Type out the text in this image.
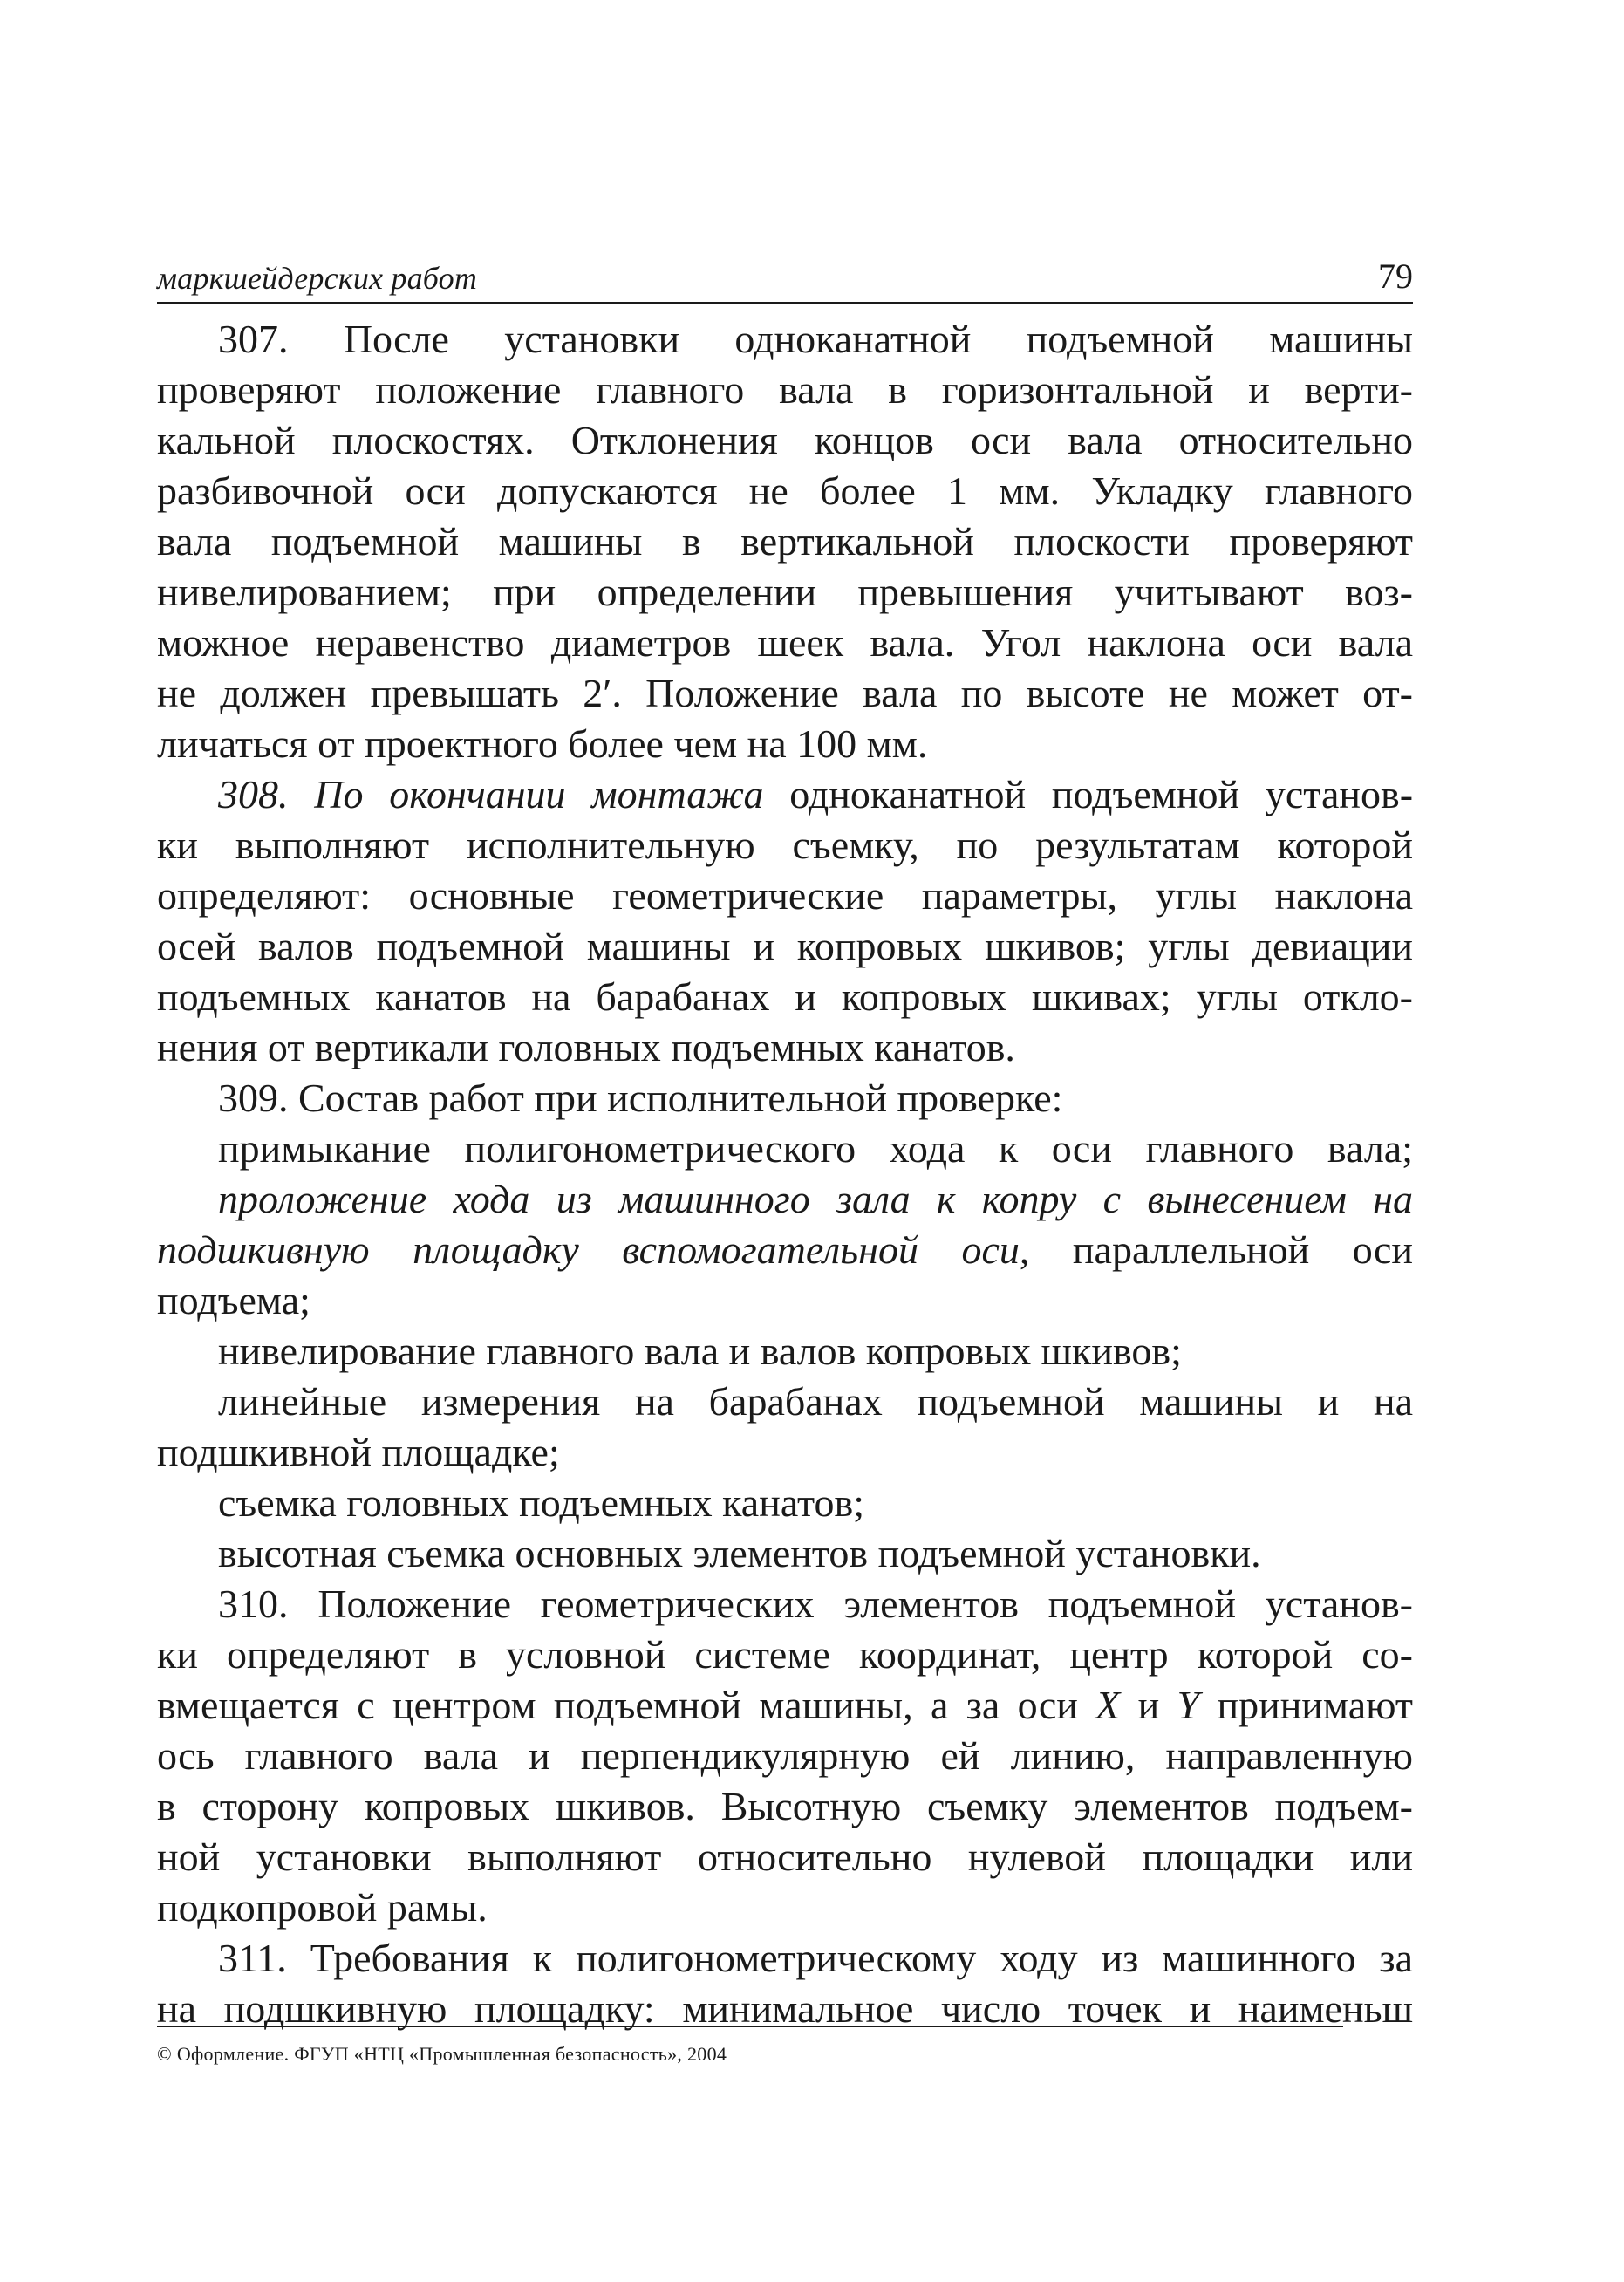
маркшейдерских работ	79
307. После установки одноканатной подъемной машины
проверяют положение главного вала в горизонтальной и верти-
кальной плоскостях. Отклонения концов оси вала относительно
разбивочной оси допускаются не более 1 мм. Укладку главного
вала подъемной машины в вертикальной плоскости проверяют
нивелированием; при определении превышения учитывают воз-
можное неравенство диаметров шеек вала. Угол наклона оси вала
не должен превышать 2′. Положение вала по высоте не может от-
личаться от проектного более чем на 100 мм.
308. По окончании монтажа одноканатной подъемной установ-
ки выполняют исполнительную съемку, по результатам которой
определяют: основные геометрические параметры, углы наклона
осей валов подъемной машины и копровых шкивов; углы девиации
подъемных канатов на барабанах и копровых шкивах; углы откло-
нения от вертикали головных подъемных канатов.
309. Состав работ при исполнительной проверке:
примыкание полигонометрического хода к оси главного вала;
проложение хода из машинного зала к копру с вынесением на
подшкивную площадку вспомогательной оси, параллельной оси
подъема;
нивелирование главного вала и валов копровых шкивов;
линейные измерения на барабанах подъемной машины и на
подшкивной площадке;
съемка головных подъемных канатов;
высотная съемка основных элементов подъемной установки.
310. Положение геометрических элементов подъемной установ-
ки определяют в условной системе координат, центр которой со-
вмещается с центром подъемной машины, а за оси X и Y принимают
ось главного вала и перпендикулярную ей линию, направленную
в сторону копровых шкивов. Высотную съемку элементов подъем-
ной установки выполняют относительно нулевой площадки или
подкопровой рамы.
311. Требования к полигонометрическому ходу из машинного за
на подшкивную площадку: минимальное число точек и наименьш
© Оформление. ФГУП «НТЦ «Промышленная безопасность», 2004
